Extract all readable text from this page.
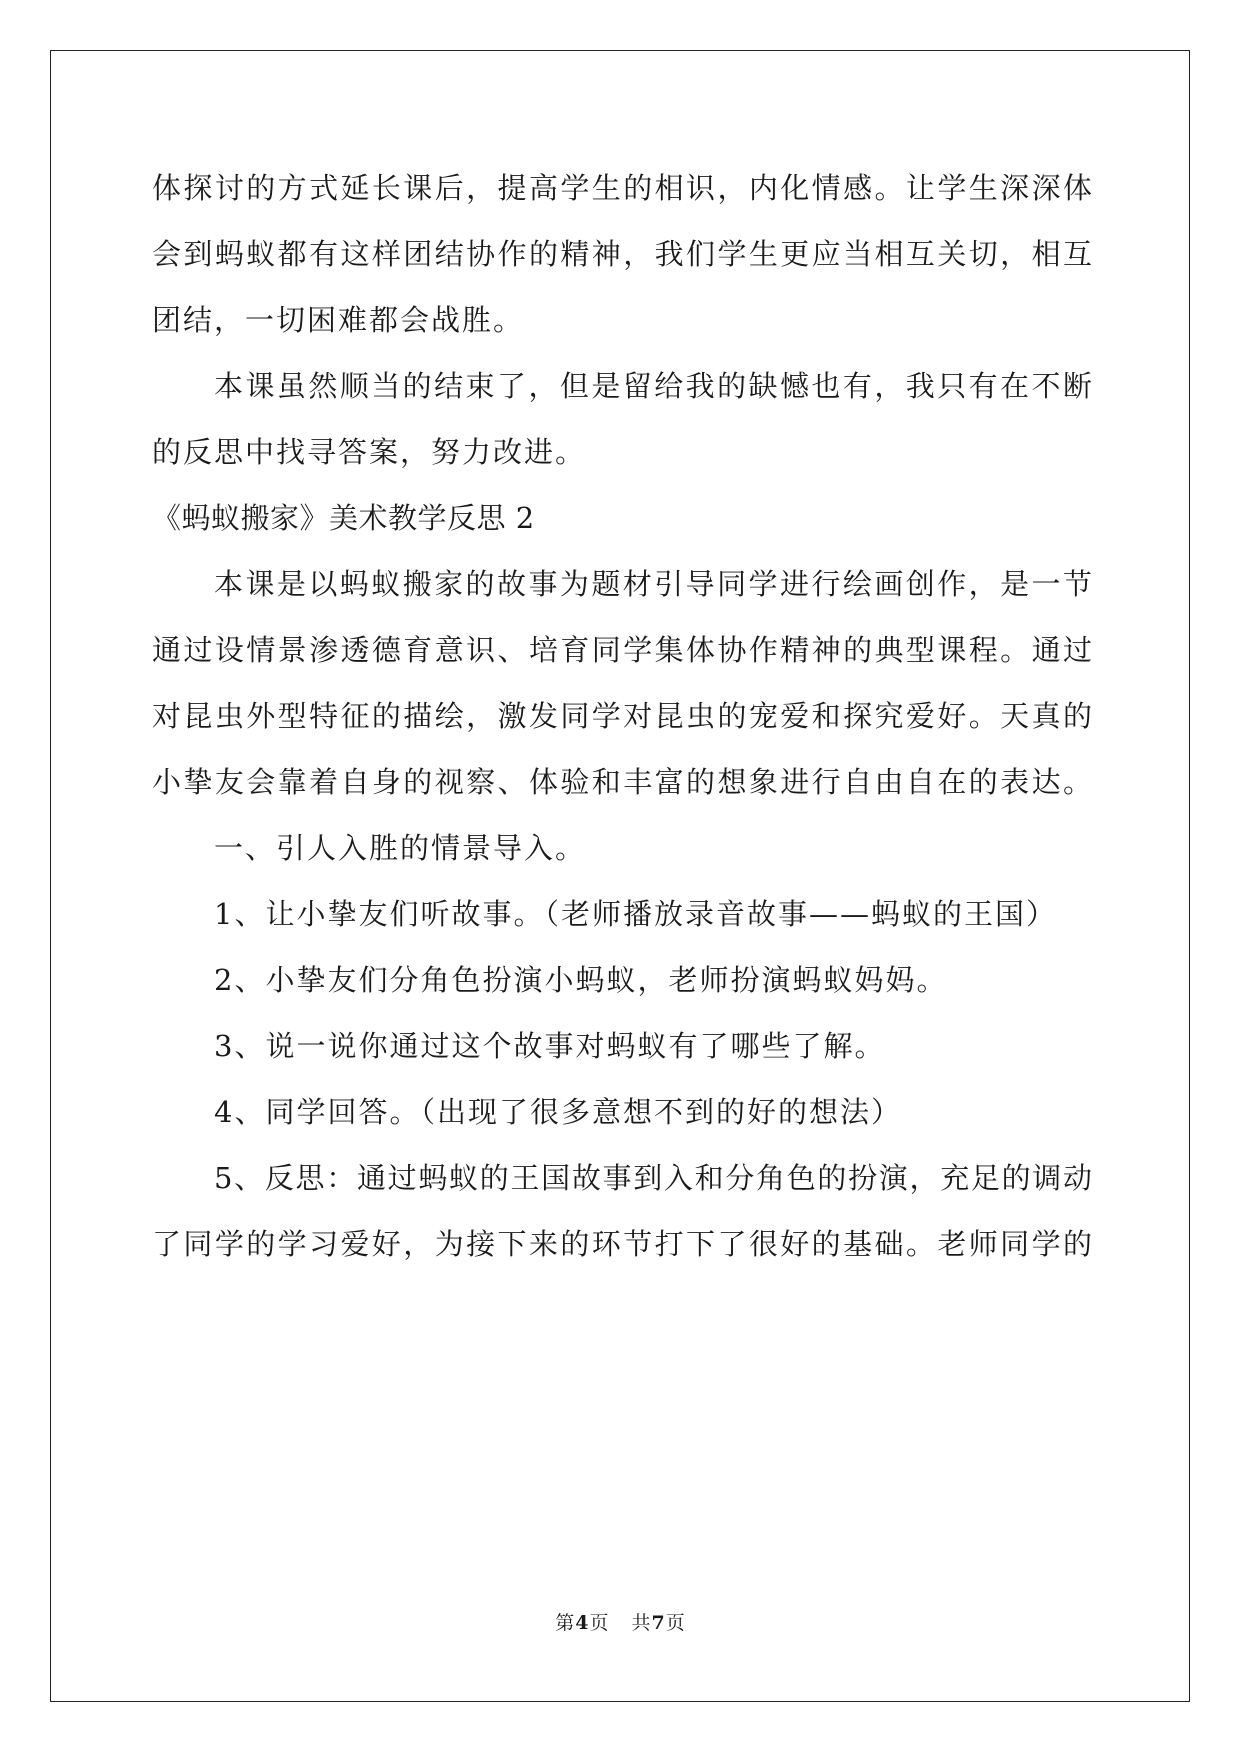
体探讨的方式延长课后，提高学生的相识，内化情感。让学生深深体
会到蚂蚁都有这样团结协作的精神，我们学生更应当相互关切，相互
团结，一切困难都会战胜。
本课虽然顺当的结束了，但是留给我的缺憾也有，我只有在不断
的反思中找寻答案，努力改进。
《蚂蚁搬家》美术教学反思 2
本课是以蚂蚁搬家的故事为题材引导同学进行绘画创作，是一节
通过设情景渗透德育意识、培育同学集体协作精神的典型课程。通过
对昆虫外型特征的描绘，激发同学对昆虫的宠爱和探究爱好。天真的
小挚友会靠着自身的视察、体验和丰富的想象进行自由自在的表达。
一、引人入胜的情景导入。
1、让小挚友们听故事。（老师播放录音故事——蚂蚁的王国）
2、小挚友们分角色扮演小蚂蚁，老师扮演蚂蚁妈妈。
3、说一说你通过这个故事对蚂蚁有了哪些了解。
4、同学回答。（出现了很多意想不到的好的想法）
5、反思：通过蚂蚁的王国故事到入和分角色的扮演，充足的调动
了同学的学习爱好，为接下来的环节打下了很好的基础。老师同学的
第4页 共7页
